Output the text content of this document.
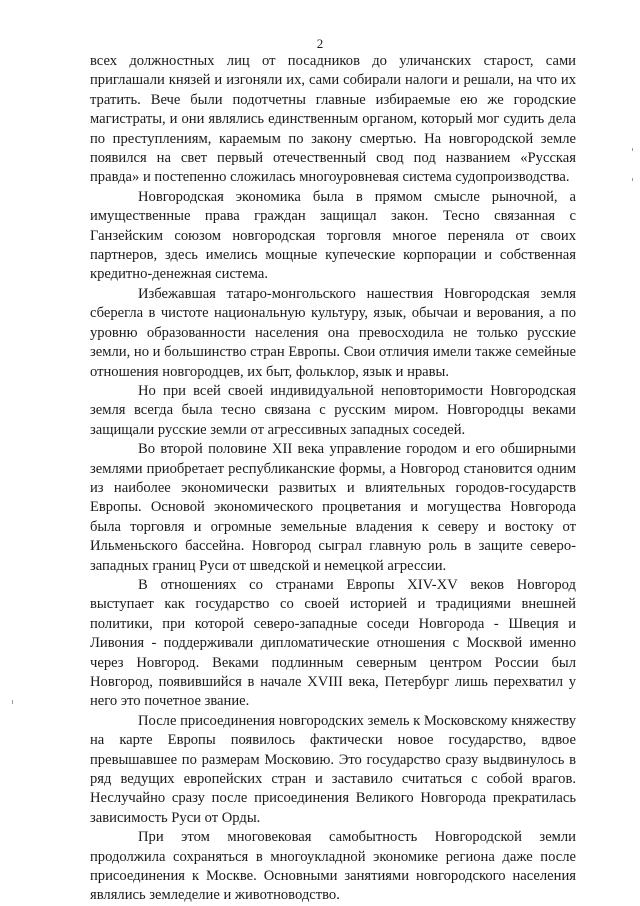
2

всех должностных лиц от посадников до уличанских старост, сами приглашали князей и изгоняли их, сами собирали налоги и решали, на что их тратить. Вече были подотчетны главные избираемые ею же городские магистраты, и они являлись единственным органом, который мог судить дела по преступлениям, караемым по закону смертью. На новгородской земле появился на свет первый отечественный свод под названием «Русская правда» и постепенно сложилась многоуровневая система судопроизводства.

Новгородская экономика была в прямом смысле рыночной, а имущественные права граждан защищал закон. Тесно связанная с Ганзейским союзом новгородская торговля многое переняла от своих партнеров, здесь имелись мощные купеческие корпорации и собственная кредитно-денежная система.

Избежавшая татаро-монгольского нашествия Новгородская земля сберегла в чистоте национальную культуру, язык, обычаи и верования, а по уровню образованности населения она превосходила не только русские земли, но и большинство стран Европы. Свои отличия имели также семейные отношения новгородцев, их быт, фольклор, язык и нравы.

Но при всей своей индивидуальной неповторимости Новгородская земля всегда была тесно связана с русским миром. Новгородцы веками защищали русские земли от агрессивных западных соседей.

Во второй половине XII века управление городом и его обширными землями приобретает республиканские формы, а Новгород становится одним из наиболее экономически развитых и влиятельных городов-государств Европы. Основой экономического процветания и могущества Новгорода была торговля и огромные земельные владения к северу и востоку от Ильменьского бассейна. Новгород сыграл главную роль в защите северо-западных границ Руси от шведской и немецкой агрессии.

В отношениях со странами Европы XIV-XV веков Новгород выступает как государство со своей историей и традициями внешней политики, при которой северо-западные соседи Новгорода - Швеция и Ливония - поддерживали дипломатические отношения с Москвой именно через Новгород. Веками подлинным северным центром России был Новгород, появившийся в начале XVIII века, Петербург лишь перехватил у него это почетное звание.

После присоединения новгородских земель к Московскому княжеству на карте Европы появилось фактически новое государство, вдвое превышавшее по размерам Московию. Это государство сразу выдвинулось в ряд ведущих европейских стран и заставило считаться с собой врагов. Неслучайно сразу после присоединения Великого Новгорода прекратилась зависимость Руси от Орды.

При этом многовековая самобытность Новгородской земли продолжила сохраняться в многоукладной экономике региона даже после присоединения к Москве. Основными занятиями новгородского населения являлись земледелие и животноводство.
